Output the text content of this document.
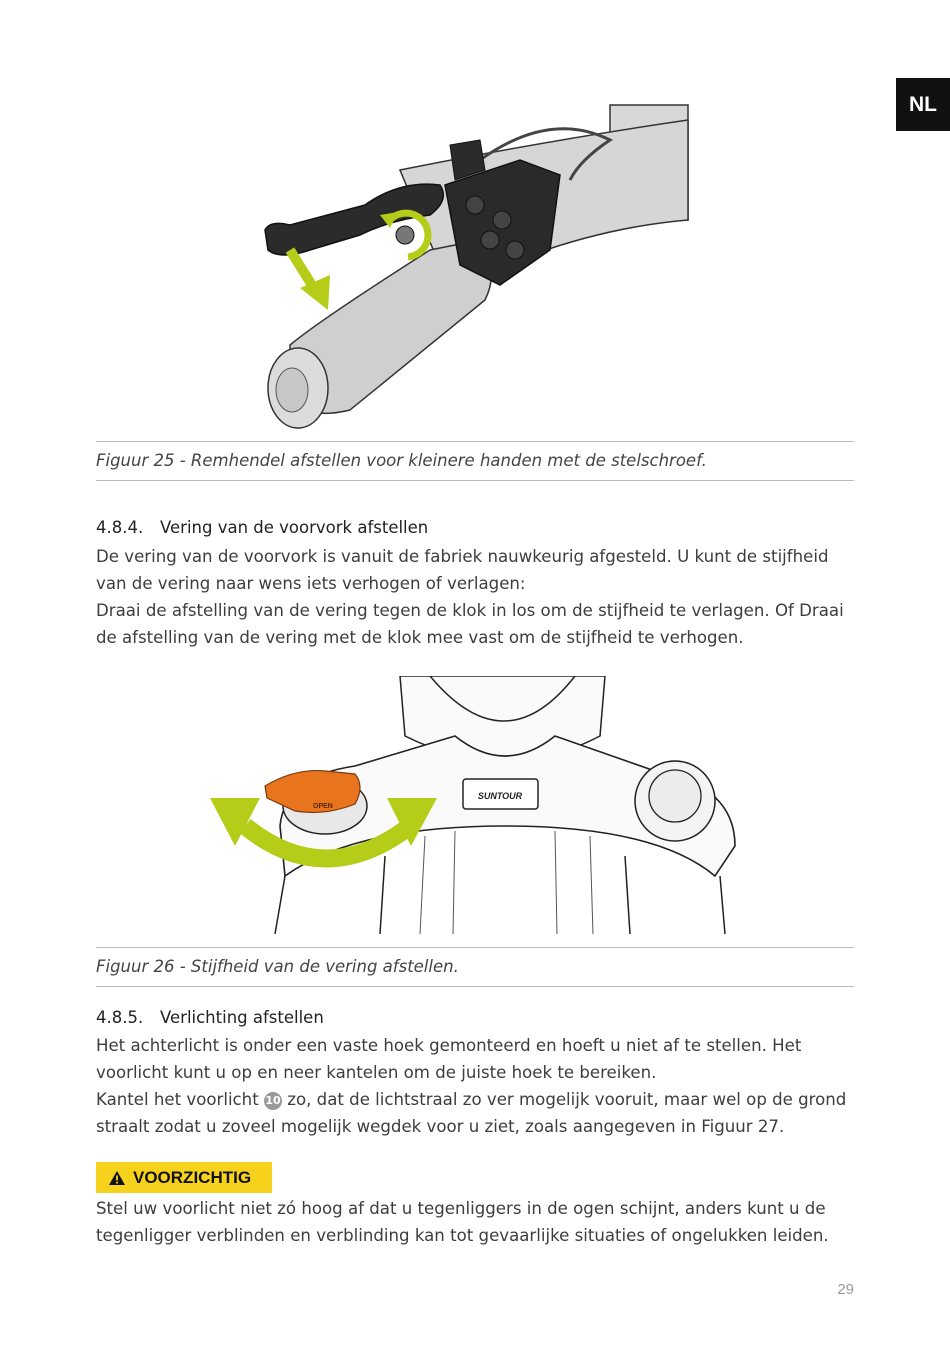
NL
Figuur 25 - Remhendel afstellen voor kleinere handen met de stelschroef.
4.8.4. Vering van de voorvork afstellen

De vering van de voorvork is vanuit de fabriek nauwkeurig afgesteld. U kunt de stijfheid van de vering naar wens iets verhogen of verlagen:

Draai de afstelling van de vering tegen de klok in los om de stijfheid te verlagen. Of Draai de afstelling van de vering met de klok mee vast om de stijfheid te verhogen.

SUNTOUR
OPEN
Figuur 26 - Stijfheid van de vering afstellen.
4.8.5. Verlichting afstellen

Het achterlicht is onder een vaste hoek gemonteerd en hoeft u niet af te stellen. Het voorlicht kunt u op en neer kantelen om de juiste hoek te bereiken.

Kantel het voorlicht 10 zo, dat de lichtstraal zo ver mogelijk vooruit, maar wel op de grond straalt zodat u zoveel mogelijk wegdek voor u ziet, zoals aangegeven in Figuur 27.

VOORZICHTIG

Stel uw voorlicht niet zó hoog af dat u tegenliggers in de ogen schijnt, anders kunt u de tegenligger verblinden en verblinding kan tot gevaarlijke situaties of ongelukken leiden.

29
